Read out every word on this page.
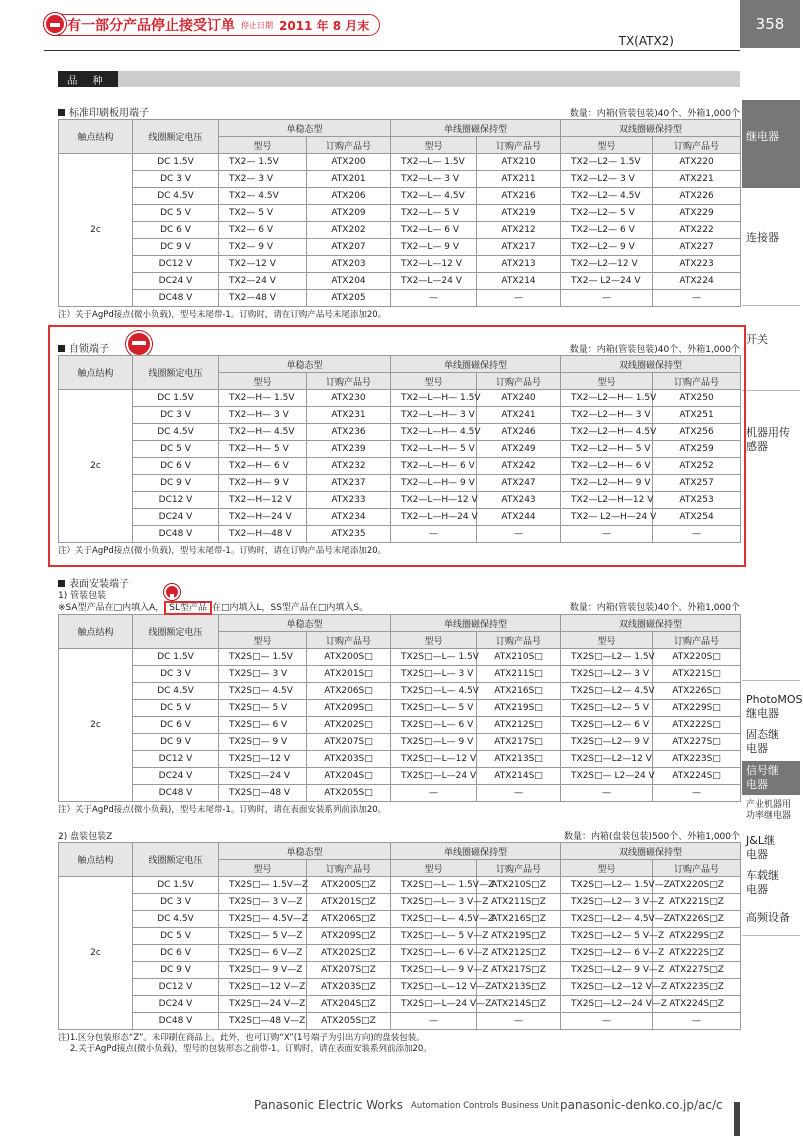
有一部分产品停止接受订单 停止日期 2011 年 8 月末
TX(ATX2)
358
品 种
继电器
连接器
开关
机器用传感器
PhotoMOS继电器
固态继电器
信号继电器
产业机器用功率继电器
J&L继电器
车载继电器
高频设备
标准印刷板用端子	数量：内箱(管装包装)40个、外箱1,000个
触点结构	线圈额定电压	单稳态型		单线圈磁保持型		双线圈磁保持型	
		型号	订购产品号	型号	订购产品号	型号	订购产品号
2c	DC 1.5V	TX2— 1.5V	ATX200	TX2—L— 1.5V	ATX210	TX2—L2— 1.5V	ATX220
	DC 3 V	TX2— 3 V	ATX201	TX2—L— 3 V	ATX211	TX2—L2— 3 V	ATX221
	DC 4.5V	TX2— 4.5V	ATX206	TX2—L— 4.5V	ATX216	TX2—L2— 4.5V	ATX226
	DC 5 V	TX2— 5 V	ATX209	TX2—L— 5 V	ATX219	TX2—L2— 5 V	ATX229
	DC 6 V	TX2— 6 V	ATX202	TX2—L— 6 V	ATX212	TX2—L2— 6 V	ATX222
	DC 9 V	TX2— 9 V	ATX207	TX2—L— 9 V	ATX217	TX2—L2— 9 V	ATX227
	DC12 V	TX2—12 V	ATX203	TX2—L—12 V	ATX213	TX2—L2—12 V	ATX223
	DC24 V	TX2—24 V	ATX204	TX2—L—24 V	ATX214	TX2— L2—24 V	ATX224
	DC48 V	TX2—48 V	ATX205	—	—	—	—
注）关于AgPd接点(微小负载)，型号末尾带-1。订购时，请在订购产品号末尾添加20。
自锁端子	数量：内箱(管装包装)40个、外箱1,000个
触点结构	线圈额定电压	单稳态型		单线圈磁保持型		双线圈磁保持型	
		型号	订购产品号	型号	订购产品号	型号	订购产品号
2c	DC 1.5V	TX2—H— 1.5V	ATX230	TX2—L—H— 1.5V	ATX240	TX2—L2—H— 1.5V	ATX250
	DC 3 V	TX2—H— 3 V	ATX231	TX2—L—H— 3 V	ATX241	TX2—L2—H— 3 V	ATX251
	DC 4.5V	TX2—H— 4.5V	ATX236	TX2—L—H— 4.5V	ATX246	TX2—L2—H— 4.5V	ATX256
	DC 5 V	TX2—H— 5 V	ATX239	TX2—L—H— 5 V	ATX249	TX2—L2—H— 5 V	ATX259
	DC 6 V	TX2—H— 6 V	ATX232	TX2—L—H— 6 V	ATX242	TX2—L2—H— 6 V	ATX252
	DC 9 V	TX2—H— 9 V	ATX237	TX2—L—H— 9 V	ATX247	TX2—L2—H— 9 V	ATX257
	DC12 V	TX2—H—12 V	ATX233	TX2—L—H—12 V	ATX243	TX2—L2—H—12 V	ATX253
	DC24 V	TX2—H—24 V	ATX234	TX2—L—H—24 V	ATX244	TX2— L2—H—24 V	ATX254
	DC48 V	TX2—H—48 V	ATX235	—	—	—	—
注）关于AgPd接点(微小负载)，型号末尾带-1。订购时，请在订购产品号末尾添加20。
表面安装端子
1) 管装包装
※SA型产品在□内填入A， SL型产品 在□内填入L，SS型产品在□内填入S。	数量：内箱(管装包装)40个、外箱1,000个
触点结构	线圈额定电压	单稳态型		单线圈磁保持型		双线圈磁保持型	
		型号	订购产品号	型号	订购产品号	型号	订购产品号
2c	DC 1.5V	TX2S□— 1.5V	ATX200S□	TX2S□—L— 1.5V	ATX210S□	TX2S□—L2— 1.5V	ATX220S□
	DC 3 V	TX2S□— 3 V	ATX201S□	TX2S□—L— 3 V	ATX211S□	TX2S□—L2— 3 V	ATX221S□
	DC 4.5V	TX2S□— 4.5V	ATX206S□	TX2S□—L— 4.5V	ATX216S□	TX2S□—L2— 4.5V	ATX226S□
	DC 5 V	TX2S□— 5 V	ATX209S□	TX2S□—L— 5 V	ATX219S□	TX2S□—L2— 5 V	ATX229S□
	DC 6 V	TX2S□— 6 V	ATX202S□	TX2S□—L— 6 V	ATX212S□	TX2S□—L2— 6 V	ATX222S□
	DC 9 V	TX2S□— 9 V	ATX207S□	TX2S□—L— 9 V	ATX217S□	TX2S□—L2— 9 V	ATX227S□
	DC12 V	TX2S□—12 V	ATX203S□	TX2S□—L—12 V	ATX213S□	TX2S□—L2—12 V	ATX223S□
	DC24 V	TX2S□—24 V	ATX204S□	TX2S□—L—24 V	ATX214S□	TX2S□— L2—24 V	ATX224S□
	DC48 V	TX2S□—48 V	ATX205S□	—	—	—	—
注）关于AgPd接点(微小负载)，型号末尾带-1。订购时，请在表面安装系列前添加20。
2) 盘装包装Z	数量：内箱(盘装包装)500个、外箱1,000个
触点结构	线圈额定电压	单稳态型		单线圈磁保持型		双线圈磁保持型	
		型号	订购产品号	型号	订购产品号	型号	订购产品号
2c	DC 1.5V	TX2S□— 1.5V—Z	ATX200S□Z	TX2S□—L— 1.5V—Z	ATX210S□Z	TX2S□—L2— 1.5V—Z	ATX220S□Z
	DC 3 V	TX2S□— 3 V—Z	ATX201S□Z	TX2S□—L— 3 V—Z	ATX211S□Z	TX2S□—L2— 3 V—Z	ATX221S□Z
	DC 4.5V	TX2S□— 4.5V—Z	ATX206S□Z	TX2S□—L— 4.5V—Z	ATX216S□Z	TX2S□—L2— 4.5V—Z	ATX226S□Z
	DC 5 V	TX2S□— 5 V—Z	ATX209S□Z	TX2S□—L— 5 V—Z	ATX219S□Z	TX2S□—L2— 5 V—Z	ATX229S□Z
	DC 6 V	TX2S□— 6 V—Z	ATX202S□Z	TX2S□—L— 6 V—Z	ATX212S□Z	TX2S□—L2— 6 V—Z	ATX222S□Z
	DC 9 V	TX2S□— 9 V—Z	ATX207S□Z	TX2S□—L— 9 V—Z	ATX217S□Z	TX2S□—L2— 9 V—Z	ATX227S□Z
	DC12 V	TX2S□—12 V—Z	ATX203S□Z	TX2S□—L—12 V—Z	ATX213S□Z	TX2S□—L2—12 V—Z	ATX223S□Z
	DC24 V	TX2S□—24 V—Z	ATX204S□Z	TX2S□—L—24 V—Z	ATX214S□Z	TX2S□—L2—24 V—Z	ATX224S□Z
	DC48 V	TX2S□—48 V—Z	ATX205S□Z	—	—	—	—
注)1.区分包装形态“Z”。未印刷在商品上。此外，也可订购“X”(1号端子为引出方向)的盘装包装。
2.关于AgPd接点(微小负载)，型号的包装形态之前带-1。订购时，请在表面安装系列前添加20。
Panasonic Electric Works Automation Controls Business Unit panasonic-denko.co.jp/ac/c
